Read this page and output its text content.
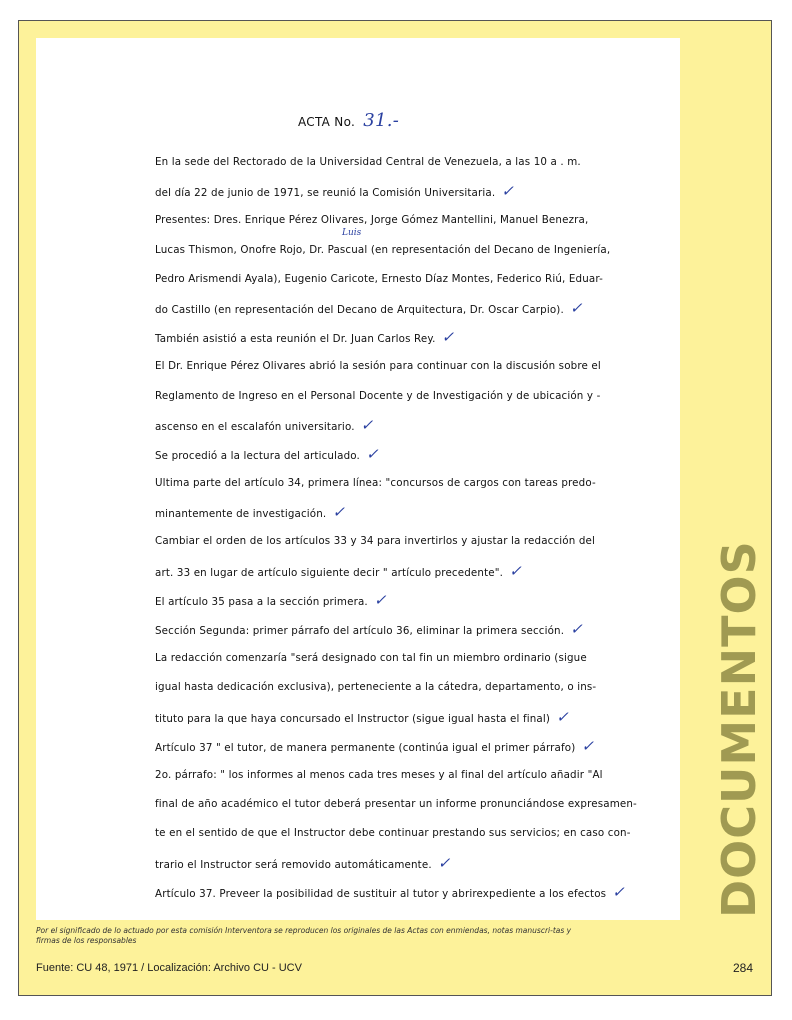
ACTA No. 31.-
Luis
En la sede del Rectorado de la Universidad Central de Venezuela, a las 10 a . m.
del día 22 de junio de 1971, se reunió la Comisión Universitaria. ✓
Presentes: Dres. Enrique Pérez Olivares, Jorge Gómez Mantellini, Manuel Benezra,
Lucas Thismon, Onofre Rojo, Dr. Pascual (en representación del Decano de Ingeniería,
Pedro Arismendi Ayala), Eugenio Caricote, Ernesto Díaz Montes, Federico Riú, Eduar-
do Castillo (en representación del Decano de Arquitectura, Dr. Oscar Carpio). ✓
También asistió a esta reunión el Dr. Juan Carlos Rey. ✓
El Dr. Enrique Pérez Olivares abrió la sesión para continuar con la discusión sobre el
Reglamento de Ingreso en el Personal Docente y de Investigación y de ubicación y -
ascenso en el escalafón universitario. ✓
Se procedió a la lectura del articulado. ✓
Ultima parte del artículo 34, primera línea: "concursos de cargos con tareas predo-
minantemente de investigación. ✓
Cambiar el orden de los artículos 33 y 34 para invertirlos y ajustar la redacción del
art. 33 en lugar de artículo siguiente decir " artículo precedente". ✓
El artículo 35 pasa a la sección primera. ✓
Sección Segunda: primer párrafo del artículo 36, eliminar la primera sección. ✓
La redacción comenzaría "será designado con tal fin un miembro ordinario (sigue
igual hasta dedicación exclusiva), perteneciente a la cátedra, departamento, o ins-
tituto para la que haya concursado el Instructor (sigue igual hasta el final) ✓
Artículo 37 " el tutor, de manera permanente (continúa igual el primer párrafo) ✓
2o. párrafo: " los informes al menos cada tres meses y al final del artículo añadir "Al
final de año académico el tutor deberá presentar un informe pronunciándose expresamen-
te en el sentido de que el Instructor debe continuar prestando sus servicios; en caso con-
trario el Instructor será removido automáticamente. ✓
Artículo 37. Preveer la posibilidad de sustituir al tutor y abrirexpediente a los efectos ✓ DOCUMENTOS
Por el significado de lo actuado por esta comisión Interventora se reproducen los originales de las Actas con enmiendas, notas manuscri-tas y firmas de los responsables
Fuente: CU 48, 1971 / Localización: Archivo CU - UCV	284
